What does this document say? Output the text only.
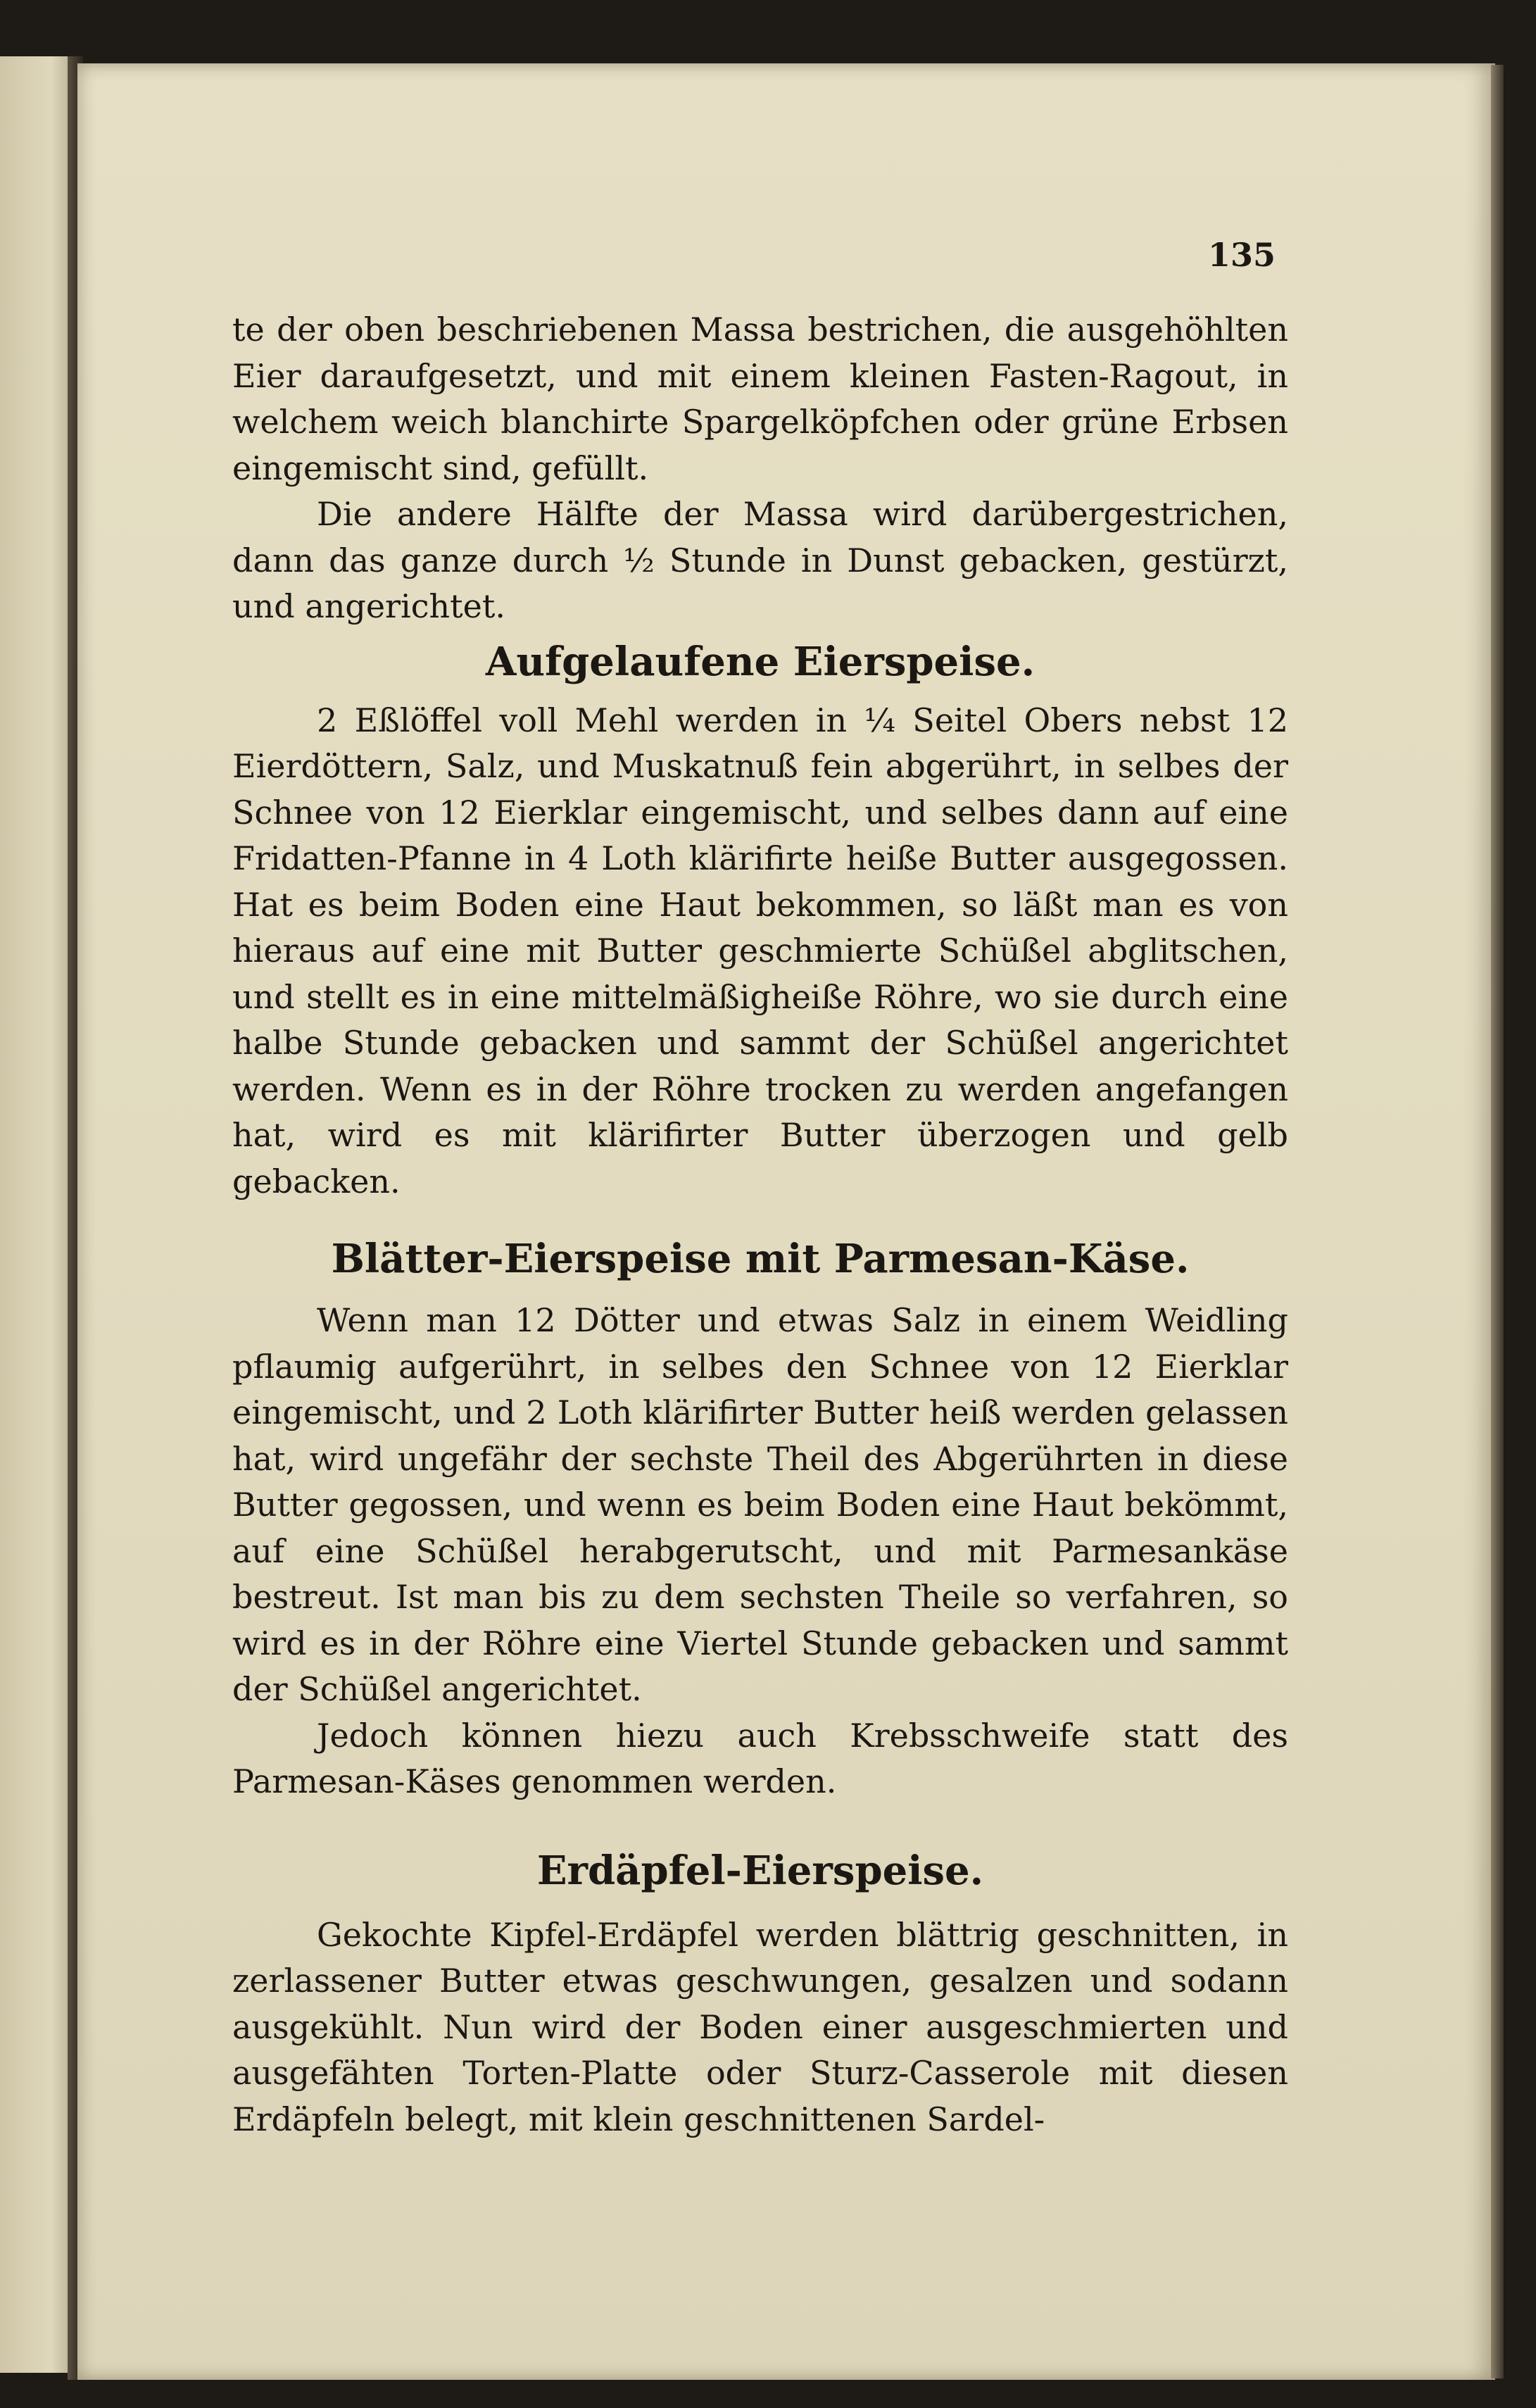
135

te der oben beschriebenen Massa bestrichen, die ausgehöhlten Eier daraufgesetzt, und mit einem kleinen Fasten-Ragout, in welchem weich blanchirte Spargelköpfchen oder grüne Erbsen eingemischt sind, gefüllt.

Die andere Hälfte der Massa wird darübergestrichen, dann das ganze durch ½ Stunde in Dunst gebacken, gestürzt, und angerichtet.

Aufgelaufene Eierspeise.

2 Eßlöffel voll Mehl werden in ¼ Seitel Obers nebst 12 Eierdöttern, Salz, und Muskatnuß fein abgerührt, in selbes der Schnee von 12 Eierklar eingemischt, und selbes dann auf eine Fridatten-Pfanne in 4 Loth klärifirte heiße Butter ausgegossen. Hat es beim Boden eine Haut bekommen, so läßt man es von hieraus auf eine mit Butter geschmierte Schüßel abglitschen, und stellt es in eine mittelmäßigheiße Röhre, wo sie durch eine halbe Stunde gebacken und sammt der Schüßel angerichtet werden. Wenn es in der Röhre trocken zu werden angefangen hat, wird es mit klärifirter Butter überzogen und gelb gebacken.

Blätter-Eierspeise mit Parmesan-Käse.

Wenn man 12 Dötter und etwas Salz in einem Weidling pflaumig aufgerührt, in selbes den Schnee von 12 Eierklar eingemischt, und 2 Loth klärifirter Butter heiß werden gelassen hat, wird ungefähr der sechste Theil des Abgerührten in diese Butter gegossen, und wenn es beim Boden eine Haut bekömmt, auf eine Schüßel herabgerutscht, und mit Parmesankäse bestreut. Ist man bis zu dem sechsten Theile so verfahren, so wird es in der Röhre eine Viertel Stunde gebacken und sammt der Schüßel angerichtet.

Jedoch können hiezu auch Krebsschweife statt des Parmesan-Käses genommen werden.

Erdäpfel-Eierspeise.

Gekochte Kipfel-Erdäpfel werden blättrig geschnitten, in zerlassener Butter etwas geschwungen, gesalzen und sodann ausgekühlt. Nun wird der Boden einer ausgeschmierten und ausgefähten Torten-Platte oder Sturz-Casserole mit diesen Erdäpfeln belegt, mit klein geschnittenen Sardel-
